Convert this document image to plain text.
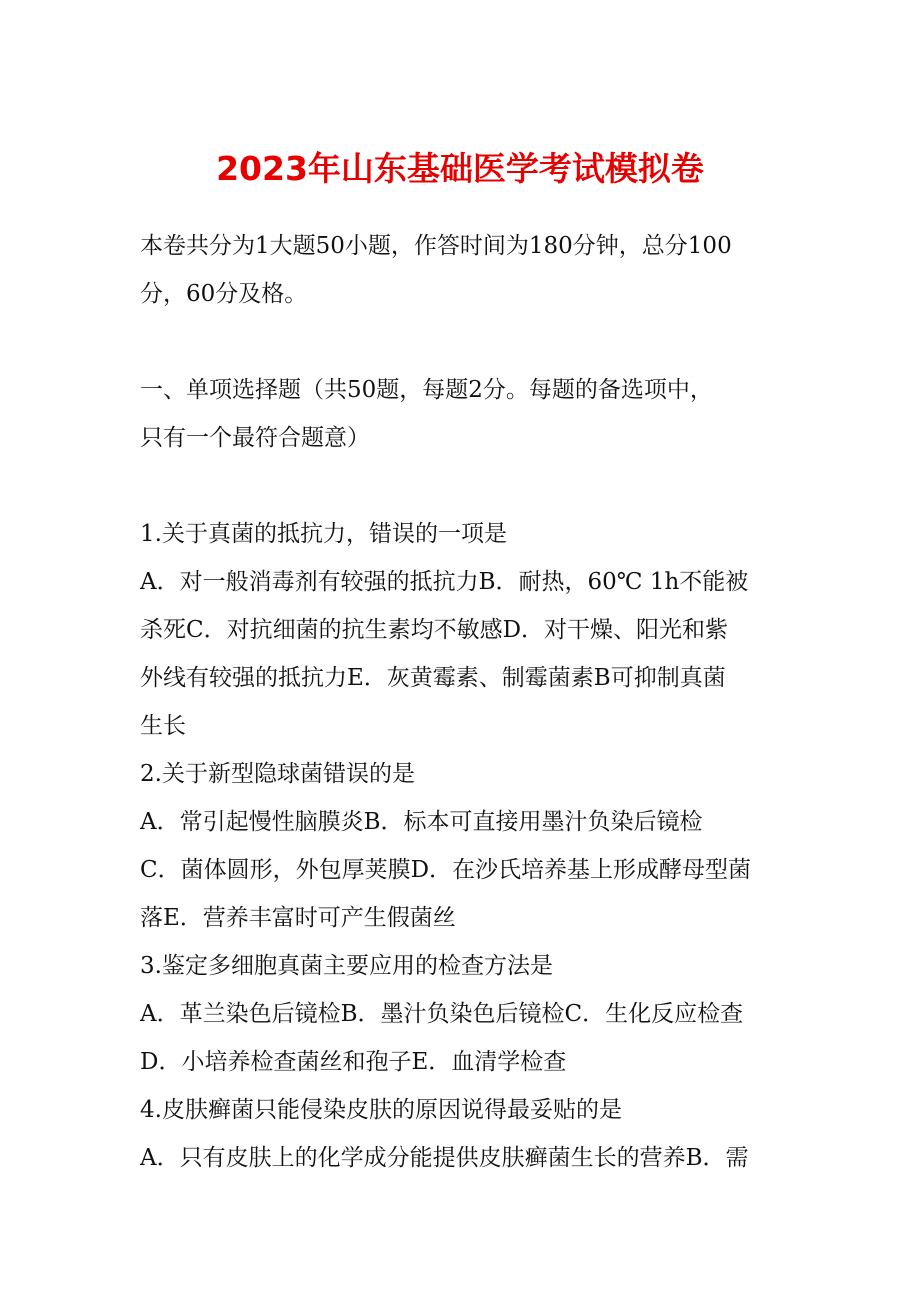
2023年山东基础医学考试模拟卷
本卷共分为1大题50小题，作答时间为180分钟，总分100
分，60分及格。
一、单项选择题（共50题，每题2分。每题的备选项中，
只有一个最符合题意）
1.关于真菌的抵抗力，错误的一项是
A．对一般消毒剂有较强的抵抗力B．耐热，60℃ 1h不能被
杀死C．对抗细菌的抗生素均不敏感D．对干燥、阳光和紫
外线有较强的抵抗力E．灰黄霉素、制霉菌素B可抑制真菌
生长
2.关于新型隐球菌错误的是
A．常引起慢性脑膜炎B．标本可直接用墨汁负染后镜检
C．菌体圆形，外包厚荚膜D．在沙氏培养基上形成酵母型菌
落E．营养丰富时可产生假菌丝
3.鉴定多细胞真菌主要应用的检查方法是
A．革兰染色后镜检B．墨汁负染色后镜检C．生化反应检查
D．小培养检查菌丝和孢子E．血清学检查
4.皮肤癣菌只能侵染皮肤的原因说得最妥贴的是
A．只有皮肤上的化学成分能提供皮肤癣菌生长的营养B．需
